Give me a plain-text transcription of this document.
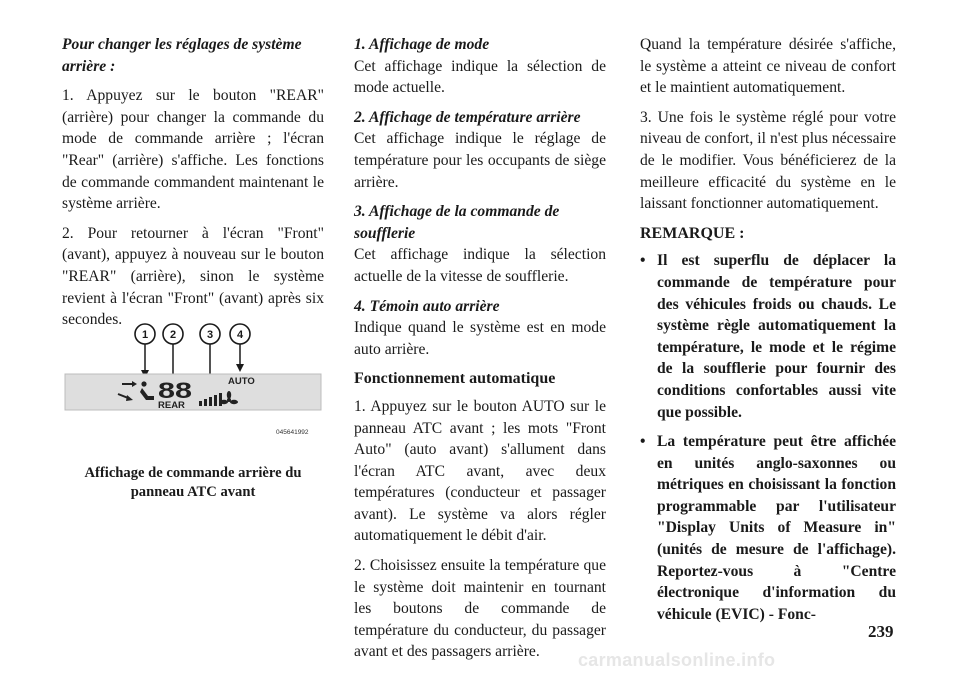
Pour changer les réglages de système arrière :

1. Appuyez sur le bouton "REAR" (arrière) pour changer la commande du mode de commande arrière ; l'écran "Rear" (arrière) s'affiche. Les fonctions de commande commandent maintenant le système arrière.

2. Pour retourner à l'écran "Front" (avant), appuyez à nouveau sur le bouton "REAR" (arrière), sinon le système revient à l'écran "Front" (avant) après six secondes.

1 2	3 4
88
REAR
AUTO
045641992
Affichage de commande arrière du panneau ATC avant
1. Affichage de mode

Cet affichage indique la sélection de mode actuelle.

2. Affichage de température arrière

Cet affichage indique le réglage de température pour les occupants de siège arrière.

3. Affichage de la commande de soufflerie

Cet affichage indique la sélection actuelle de la vitesse de soufflerie.

4. Témoin auto arrière

Indique quand le système est en mode auto arrière.

Fonctionnement automatique

1. Appuyez sur le bouton AUTO sur le panneau ATC avant ; les mots "Front Auto" (auto avant) s'allument dans l'écran ATC avant, avec deux températures (conducteur et passager avant). Le système va alors régler automatiquement le débit d'air.

2. Choisissez ensuite la température que le système doit maintenir en tournant les boutons de commande de température du conducteur, du passager avant et des passagers arrière.

Quand la température désirée s'affiche, le système a atteint ce niveau de confort et le maintient automatiquement.

3. Une fois le système réglé pour votre niveau de confort, il n'est plus nécessaire de le modifier. Vous bénéficierez de la meilleure efficacité du système en le laissant fonctionner automatiquement.

REMARQUE :

• Il est superflu de déplacer la commande de température pour des véhicules froids ou chauds. Le système règle automatiquement la température, le mode et le régime de la soufflerie pour fournir des conditions confortables aussi vite que possible.
• La température peut être affichée en unités anglo-saxonnes ou métriques en choisissant la fonction programmable par l'utilisateur "Display Units of Measure in" (unités de mesure de l'affichage). Reportez-vous à "Centre électronique d'information du véhicule (EVIC) - Fonc-
239
carmanualsonline.info
